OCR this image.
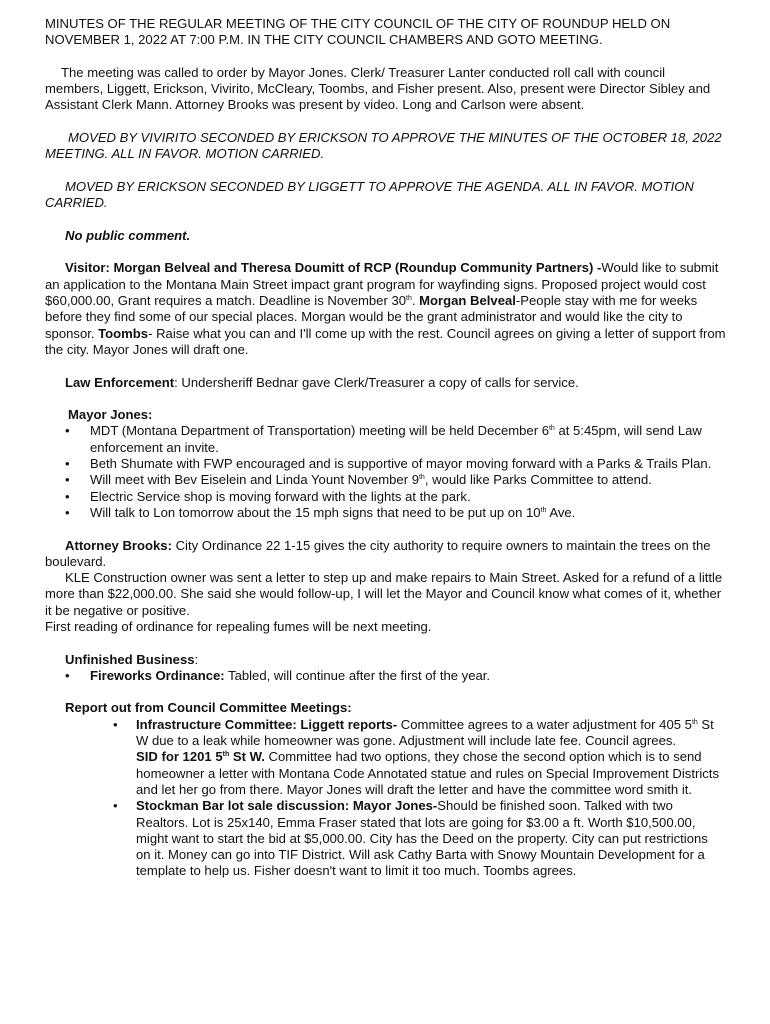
MINUTES OF THE REGULAR MEETING OF THE CITY COUNCIL OF THE CITY OF ROUNDUP HELD ON NOVEMBER 1, 2022 AT 7:00 P.M. IN THE CITY COUNCIL CHAMBERS AND GOTO MEETING.

The meeting was called to order by Mayor Jones. Clerk/ Treasurer Lanter conducted roll call with council members, Liggett, Erickson, Vivirito, McCleary, Toombs, and Fisher present. Also, present were Director Sibley and Assistant Clerk Mann. Attorney Brooks was present by video. Long and Carlson were absent.

MOVED BY VIVIRITO SECONDED BY ERICKSON TO APPROVE THE MINUTES OF THE OCTOBER 18, 2022 MEETING. ALL IN FAVOR. MOTION CARRIED.

MOVED BY ERICKSON SECONDED BY LIGGETT TO APPROVE THE AGENDA. ALL IN FAVOR. MOTION CARRIED.

No public comment.

Visitor: Morgan Belveal and Theresa Doumitt of RCP (Roundup Community Partners) -Would like to submit an application to the Montana Main Street impact grant program for wayfinding signs. Proposed project would cost $60,000.00, Grant requires a match. Deadline is November 30th. Morgan Belveal-People stay with me for weeks before they find some of our special places. Morgan would be the grant administrator and would like the city to sponsor. Toombs- Raise what you can and I'll come up with the rest. Council agrees on giving a letter of support from the city. Mayor Jones will draft one.

Law Enforcement: Undersheriff Bednar gave Clerk/Treasurer a copy of calls for service.

Mayor Jones:

• MDT (Montana Department of Transportation) meeting will be held December 6th at 5:45pm, will send Law enforcement an invite.
• Beth Shumate with FWP encouraged and is supportive of mayor moving forward with a Parks & Trails Plan.
• Will meet with Bev Eiselein and Linda Yount November 9th, would like Parks Committee to attend.
• Electric Service shop is moving forward with the lights at the park.
• Will talk to Lon tomorrow about the 15 mph signs that need to be put up on 10th Ave.

Attorney Brooks: City Ordinance 22 1-15 gives the city authority to require owners to maintain the trees on the boulevard.

KLE Construction owner was sent a letter to step up and make repairs to Main Street. Asked for a refund of a little more than $22,000.00. She said she would follow-up, I will let the Mayor and Council know what comes of it, whether it be negative or positive.

First reading of ordinance for repealing fumes will be next meeting.

Unfinished Business:

• Fireworks Ordinance: Tabled, will continue after the first of the year.

Report out from Council Committee Meetings:

• Infrastructure Committee: Liggett reports- Committee agrees to a water adjustment for 405 5th St W due to a leak while homeowner was gone. Adjustment will include late fee. Council agrees.
SID for 1201 5th St W. Committee had two options, they chose the second option which is to send homeowner a letter with Montana Code Annotated statue and rules on Special Improvement Districts and let her go from there. Mayor Jones will draft the letter and have the committee word smith it.
• Stockman Bar lot sale discussion: Mayor Jones-Should be finished soon. Talked with two Realtors. Lot is 25x140, Emma Fraser stated that lots are going for $3.00 a ft. Worth $10,500.00, might want to start the bid at $5,000.00. City has the Deed on the property. City can put restrictions on it. Money can go into TIF District. Will ask Cathy Barta with Snowy Mountain Development for a template to help us. Fisher doesn't want to limit it too much. Toombs agrees.
